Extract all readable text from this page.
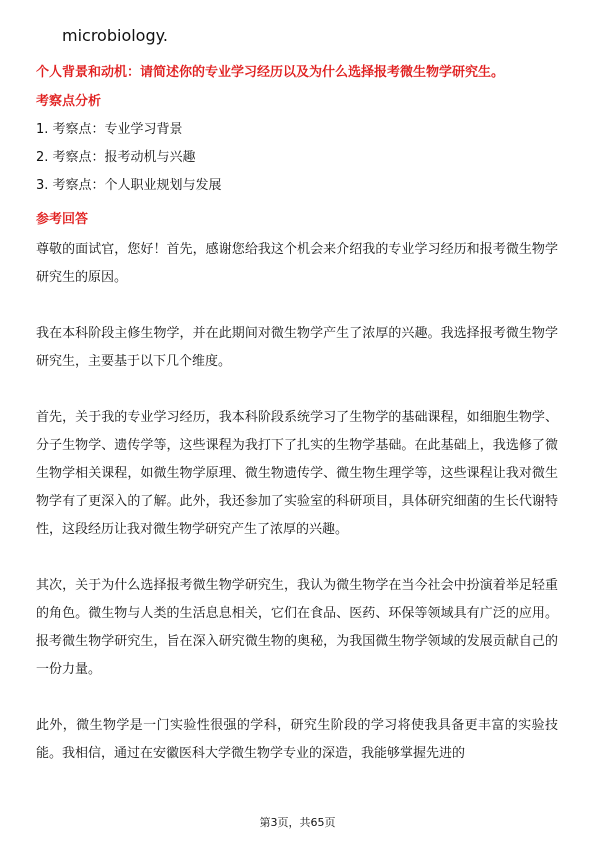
microbiology.
个人背景和动机：请简述你的专业学习经历以及为什么选择报考微生物学研究生。
考察点分析
1. 考察点：专业学习背景
2. 考察点：报考动机与兴趣
3. 考察点：个人职业规划与发展
参考回答

尊敬的面试官，您好！首先，感谢您给我这个机会来介绍我的专业学习经历和报考微生物学研究生的原因。

我在本科阶段主修生物学，并在此期间对微生物学产生了浓厚的兴趣。我选择报考微生物学研究生，主要基于以下几个维度。

首先，关于我的专业学习经历，我本科阶段系统学习了生物学的基础课程，如细胞生物学、分子生物学、遗传学等，这些课程为我打下了扎实的生物学基础。在此基础上，我选修了微生物学相关课程，如微生物学原理、微生物遗传学、微生物生理学等，这些课程让我对微生物学有了更深入的了解。此外，我还参加了实验室的科研项目，具体研究细菌的生长代谢特性，这段经历让我对微生物学研究产生了浓厚的兴趣。

其次，关于为什么选择报考微生物学研究生，我认为微生物学在当今社会中扮演着举足轻重的角色。微生物与人类的生活息息相关，它们在食品、医药、环保等领域具有广泛的应用。报考微生物学研究生，旨在深入研究微生物的奥秘，为我国微生物学领域的发展贡献自己的一份力量。

此外，微生物学是一门实验性很强的学科，研究生阶段的学习将使我具备更丰富的实验技能。我相信，通过在安徽医科大学微生物学专业的深造，我能够掌握先进的

第3页，共65页
